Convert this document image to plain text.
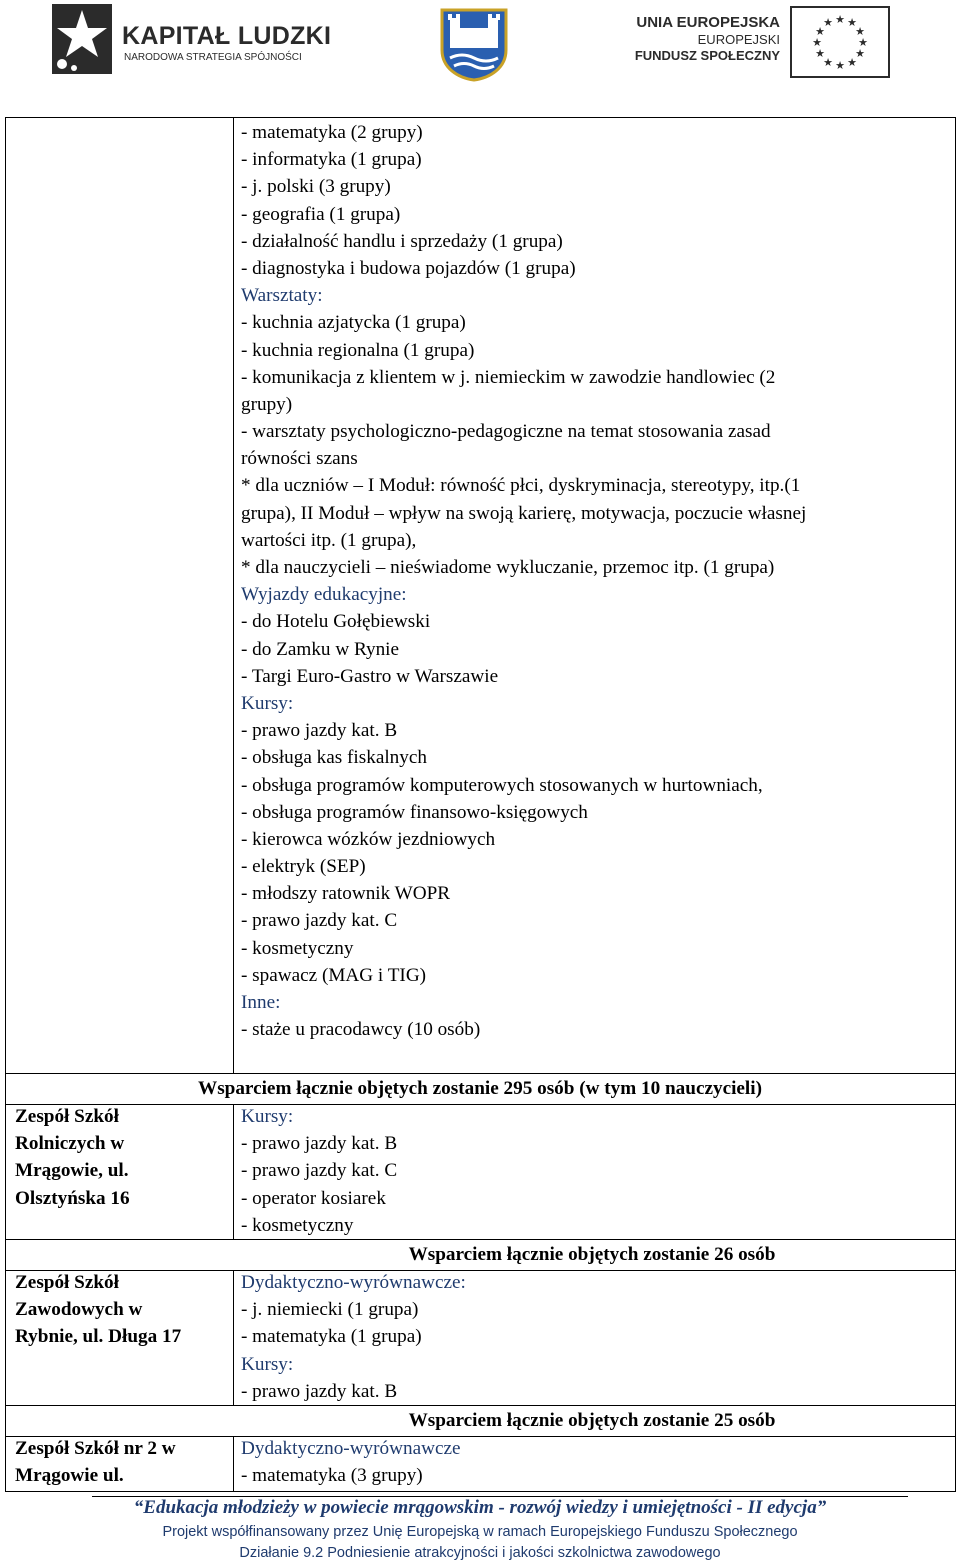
KAPITAŁ LUDZKI
NARODOWA STRATEGIA SPÓJNOŚCI
UNIA EUROPEJSKA
EUROPEJSKI
FUNDUSZ SPOŁECZNY
★ ★
★
★
★
★
★
★
★
★
★
★
- matematyka (2 grupy)
- informatyka (1 grupa)
- j. polski (3 grupy)
- geografia (1 grupa)
- działalność handlu i sprzedaży (1 grupa)
- diagnostyka i budowa pojazdów (1 grupa)
Warsztaty:
- kuchnia azjatycka (1 grupa)
- kuchnia regionalna (1 grupa)
- komunikacja z klientem w j. niemieckim w zawodzie handlowiec (2
grupy)
- warsztaty psychologiczno-pedagogiczne na temat stosowania zasad
równości szans
* dla uczniów – I Moduł: równość płci, dyskryminacja, stereotypy, itp.(1
grupa), II Moduł – wpływ na swoją karierę, motywacja, poczucie własnej
wartości itp. (1 grupa),
* dla nauczycieli – nieświadome wykluczanie, przemoc itp. (1 grupa)
Wyjazdy edukacyjne:
- do Hotelu Gołębiewski
- do Zamku w Rynie
- Targi Euro-Gastro w Warszawie
Kursy:
- prawo jazdy kat. B
- obsługa kas fiskalnych
- obsługa programów komputerowych stosowanych w hurtowniach,
- obsługa programów finansowo-księgowych
- kierowca wózków jezdniowych
- elektryk (SEP)
- młodszy ratownik WOPR
- prawo jazdy kat. C
- kosmetyczny
- spawacz (MAG i TIG)
Inne:
- staże u pracodawcy (10 osób)
Wsparciem łącznie objętych zostanie 295 osób (w tym 10 nauczycieli)
Zespół Szkół
Rolniczych w
Mrągowie, ul.
Olsztyńska 16
Kursy:
- prawo jazdy kat. B
- prawo jazdy kat. C
- operator kosiarek
- kosmetyczny
Wsparciem łącznie objętych zostanie 26 osób
Zespół Szkół
Zawodowych w
Rybnie, ul. Długa 17
Dydaktyczno-wyrównawcze:
- j. niemiecki (1 grupa)
- matematyka (1 grupa)
Kursy:
- prawo jazdy kat. B
Wsparciem łącznie objętych zostanie 25 osób
Zespół Szkół nr 2 w
Mrągowie ul.
Dydaktyczno-wyrównawcze
- matematyka (3 grupy)
“Edukacja młodzieży w powiecie mrągowskim - rozwój wiedzy i umiejętności - II edycja”
Projekt współfinansowany przez Unię Europejską w ramach Europejskiego Funduszu Społecznego
Działanie 9.2 Podniesienie atrakcyjności i jakości szkolnictwa zawodowego
